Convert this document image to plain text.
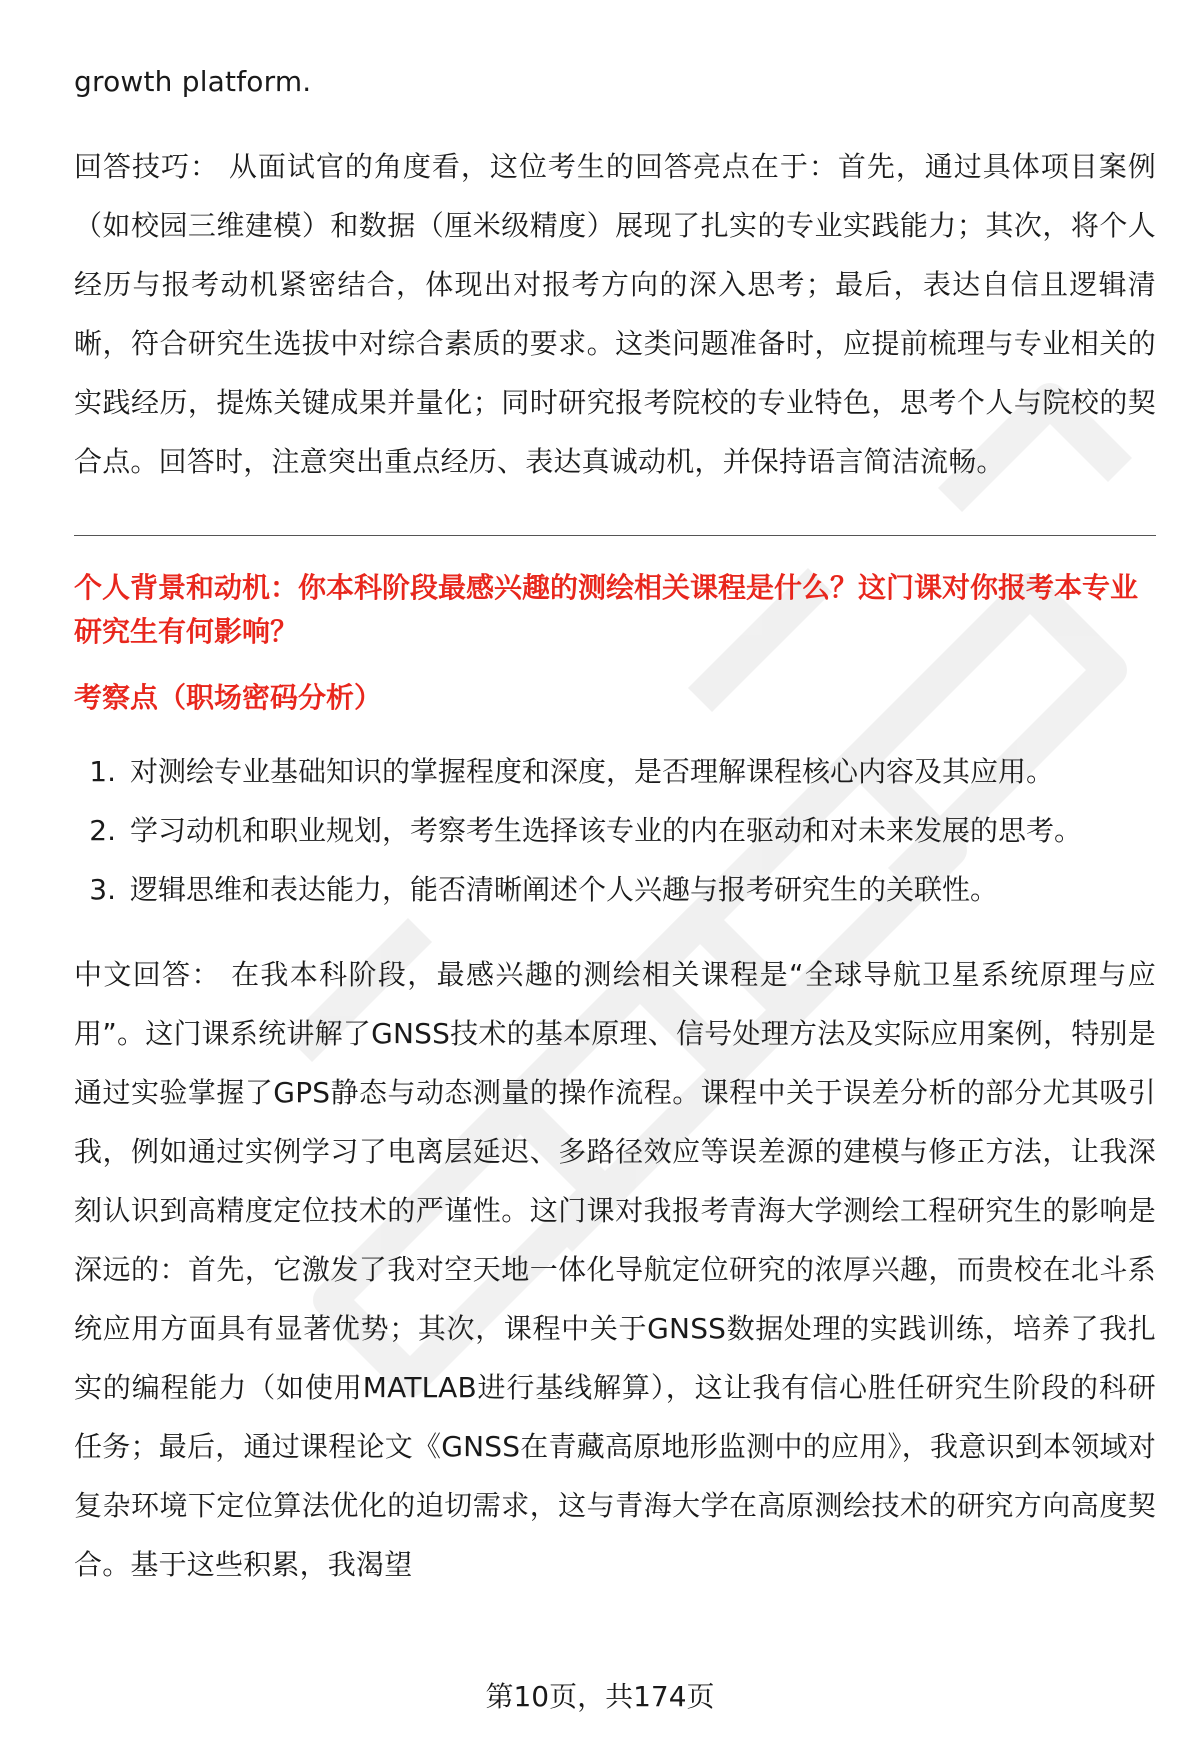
growth platform.

回答技巧： 从面试官的角度看，这位考生的回答亮点在于：首先，通过具体项目案例（如校园三维建模）和数据（厘米级精度）展现了扎实的专业实践能力；其次，将个人经历与报考动机紧密结合，体现出对报考方向的深入思考；最后，表达自信且逻辑清晰，符合研究生选拔中对综合素质的要求。这类问题准备时，应提前梳理与专业相关的实践经历，提炼关键成果并量化；同时研究报考院校的专业特色，思考个人与院校的契合点。回答时，注意突出重点经历、表达真诚动机，并保持语言简洁流畅。

个人背景和动机：你本科阶段最感兴趣的测绘相关课程是什么？这门课对你报考本专业研究生有何影响？
考察点（职场密码分析）
1. 对测绘专业基础知识的掌握程度和深度，是否理解课程核心内容及其应用。
2. 学习动机和职业规划，考察考生选择该专业的内在驱动和对未来发展的思考。
3. 逻辑思维和表达能力，能否清晰阐述个人兴趣与报考研究生的关联性。

中文回答： 在我本科阶段，最感兴趣的测绘相关课程是“全球导航卫星系统原理与应用”。这门课系统讲解了GNSS技术的基本原理、信号处理方法及实际应用案例，特别是通过实验掌握了GPS静态与动态测量的操作流程。课程中关于误差分析的部分尤其吸引我，例如通过实例学习了电离层延迟、多路径效应等误差源的建模与修正方法，让我深刻认识到高精度定位技术的严谨性。这门课对我报考青海大学测绘工程研究生的影响是深远的：首先，它激发了我对空天地一体化导航定位研究的浓厚兴趣，而贵校在北斗系统应用方面具有显著优势；其次，课程中关于GNSS数据处理的实践训练，培养了我扎实的编程能力（如使用MATLAB进行基线解算），这让我有信心胜任研究生阶段的科研任务；最后，通过课程论文《GNSS在青藏高原地形监测中的应用》，我意识到本领域对复杂环境下定位算法优化的迫切需求，这与青海大学在高原测绘技术的研究方向高度契合。基于这些积累，我渴望

第10页，共174页
